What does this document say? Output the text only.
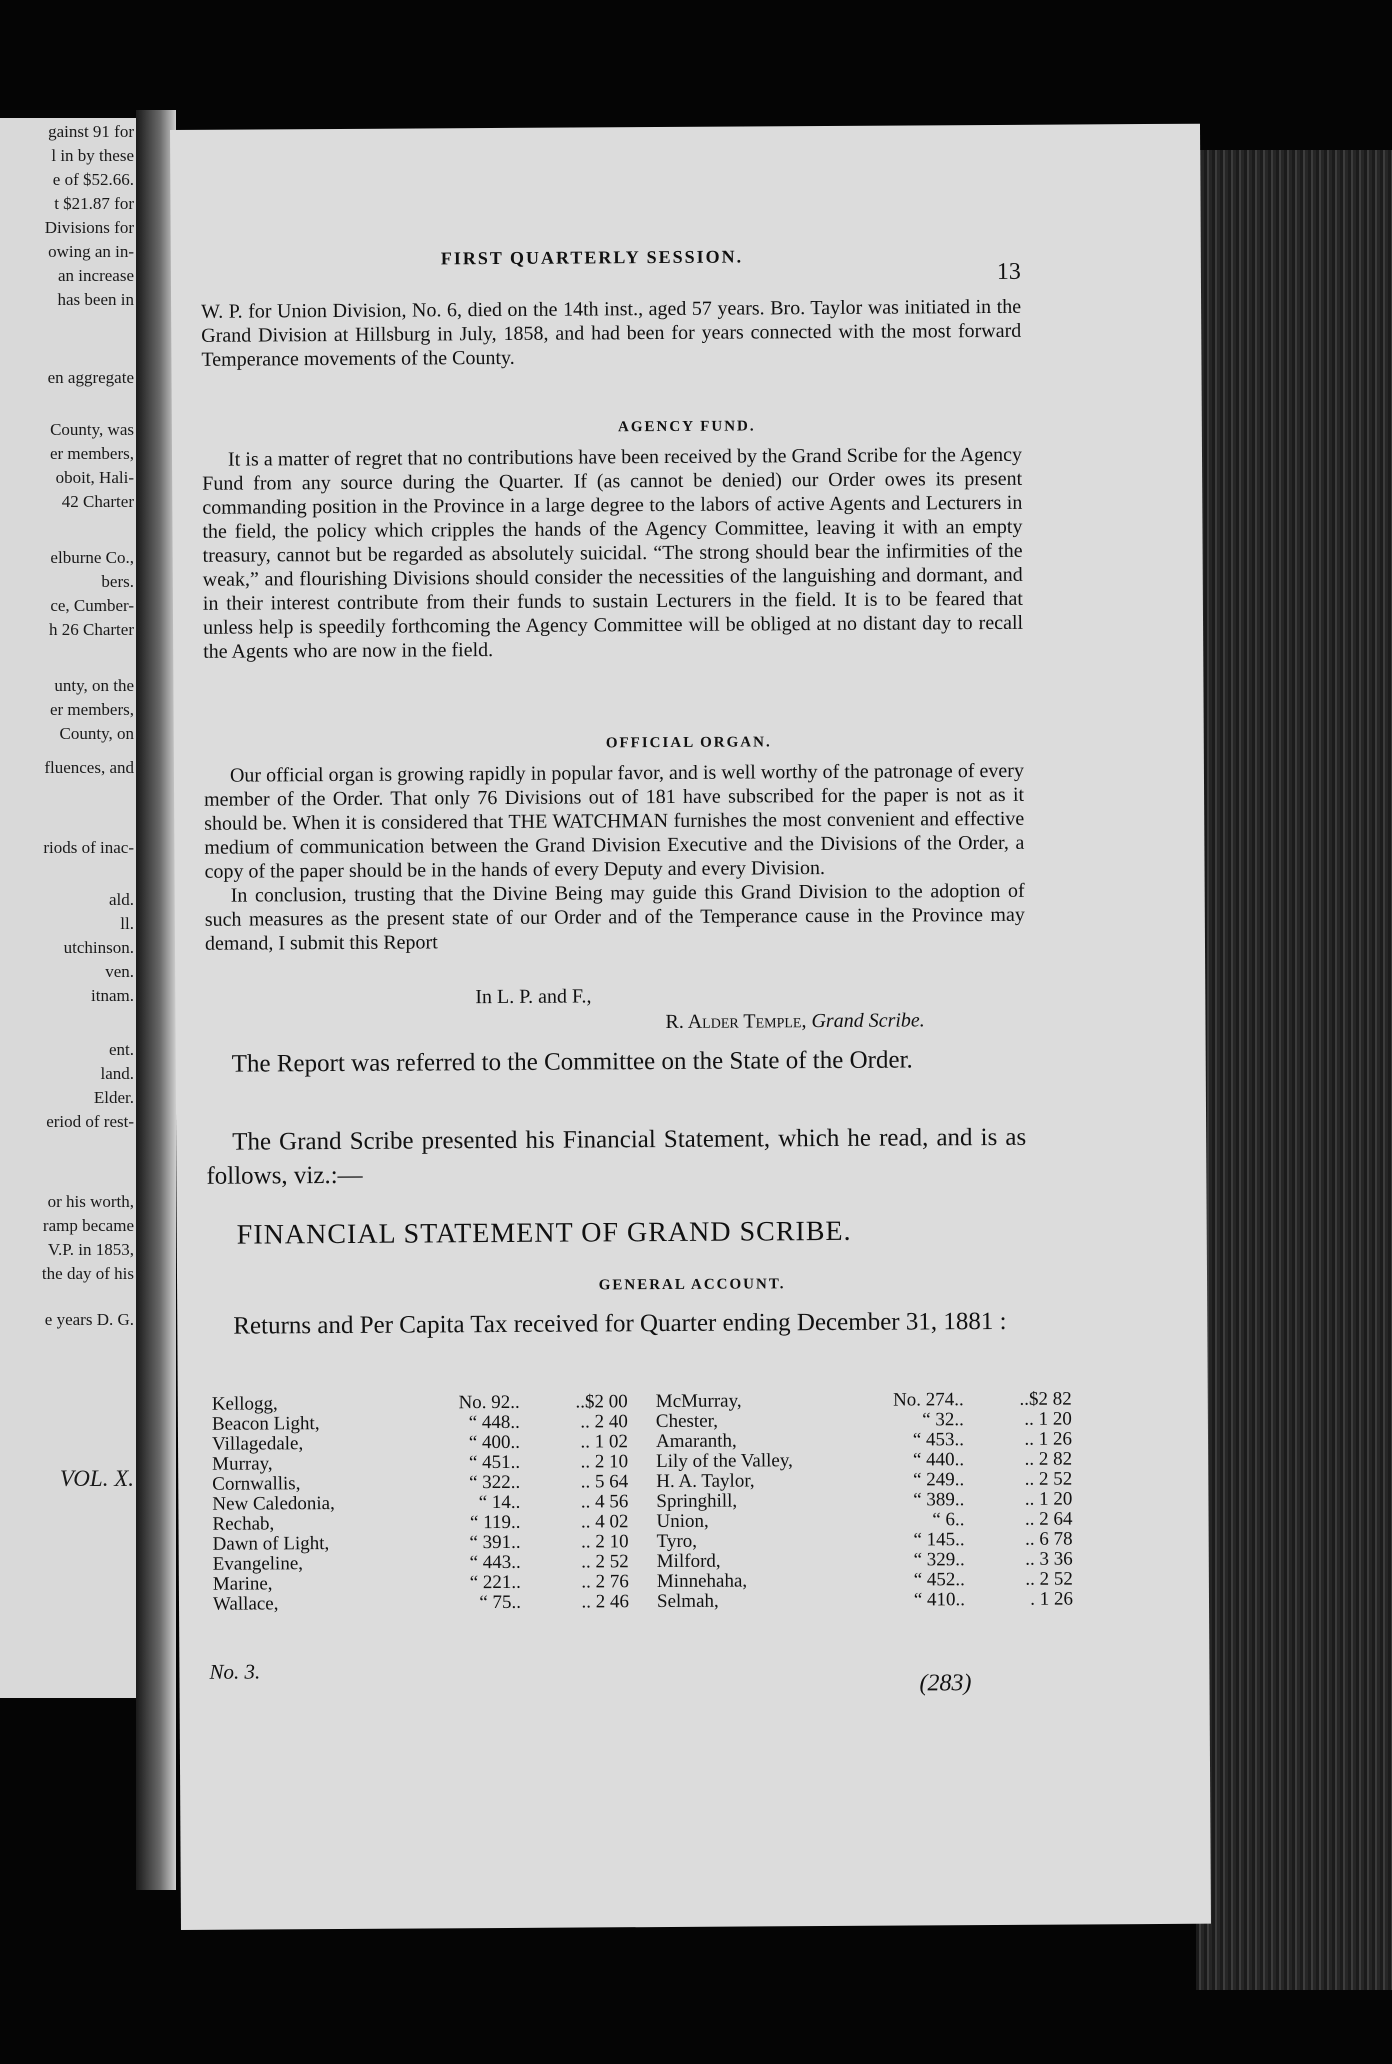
gainst 91 for
l in by these
e of $52.66.
t $21.87 for
Divisions for
owing an in-
an increase
has been in
en aggregate
County, was
er members,
oboit, Hali-
42 Charter
elburne Co.,
bers.
ce, Cumber-
h 26 Charter
unty, on the
er members,
County, on
fluences, and
riods of inac-
ald.
ll.
utchinson.
ven.
itnam.
ent.
land.
Elder.
eriod of rest-
or his worth,
ramp became
V.P. in 1853,
the day of his
e years D. G.
VOL. X.
FIRST QUARTERLY SESSION.
13

W. P. for Union Division, No. 6, died on the 14th inst., aged 57 years. Bro. Taylor was initiated in the Grand Division at Hillsburg in July, 1858, and had been for years connected with the most forward Temperance movements of the County.

AGENCY FUND.

It is a matter of regret that no contributions have been received by the Grand Scribe for the Agency Fund from any source during the Quarter. If (as cannot be denied) our Order owes its present commanding position in the Province in a large degree to the labors of active Agents and Lecturers in the field, the policy which cripples the hands of the Agency Committee, leaving it with an empty treasury, cannot but be regarded as absolutely suicidal. “The strong should bear the infirmities of the weak,” and flourishing Divisions should consider the necessities of the languishing and dormant, and in their interest contribute from their funds to sustain Lecturers in the field. It is to be feared that unless help is speedily forthcoming the Agency Committee will be obliged at no distant day to recall the Agents who are now in the field.

OFFICIAL ORGAN.

Our official organ is growing rapidly in popular favor, and is well worthy of the patronage of every member of the Order. That only 76 Divisions out of 181 have subscribed for the paper is not as it should be. When it is considered that THE WATCHMAN furnishes the most convenient and effective medium of communication between the Grand Division Executive and the Divisions of the Order, a copy of the paper should be in the hands of every Deputy and every Division.

In conclusion, trusting that the Divine Being may guide this Grand Division to the adoption of such measures as the present state of our Order and of the Temperance cause in the Province may demand, I submit this Report

In L. P. and F.,
R. Alder Temple, Grand Scribe.

The Report was referred to the Committee on the State of the Order.

The Grand Scribe presented his Financial Statement, which he read, and is as follows, viz.:—

FINANCIAL STATEMENT OF GRAND SCRIBE.
GENERAL ACCOUNT.

Returns and Per Capita Tax received for Quarter ending December 31, 1881 :

Kellogg,	No. 92..	..$2 00	McMurray,	No. 274..	..$2 82
Beacon Light,	“ 448..	.. 2 40	Chester,	“ 32..	.. 1 20
Villagedale,	“ 400..	.. 1 02	Amaranth,	“ 453..	.. 1 26
Murray,	“ 451..	.. 2 10	Lily of the Valley,	“ 440..	.. 2 82
Cornwallis,	“ 322..	.. 5 64	H. A. Taylor,	“ 249..	.. 2 52
New Caledonia,	“ 14..	.. 4 56	Springhill,	“ 389..	.. 1 20
Rechab,	“ 119..	.. 4 02	Union,	“ 6..	.. 2 64
Dawn of Light,	“ 391..	.. 2 10	Tyro,	“ 145..	.. 6 78
Evangeline,	“ 443..	.. 2 52	Milford,	“ 329..	.. 3 36
Marine,	“ 221..	.. 2 76	Minnehaha,	“ 452..	.. 2 52
Wallace,	“ 75..	.. 2 46	Selmah,	“ 410..	. 1 26
No. 3.	(283)
